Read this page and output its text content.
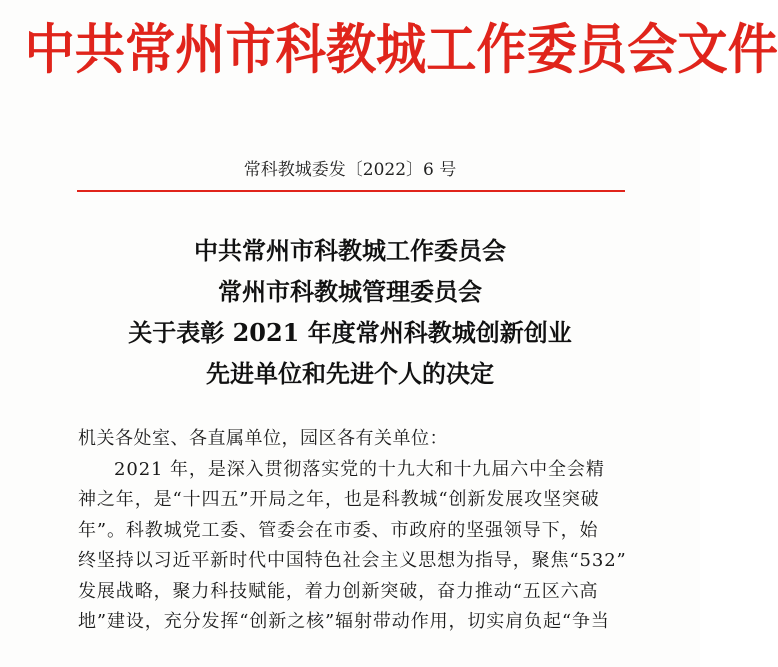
中共常州市科教城工作委员会文件
常科教城委发〔2022〕6 号
中共常州市科教城工作委员会
常州市科教城管理委员会
关于表彰 2021 年度常州科教城创新创业
先进单位和先进个人的决定
机关各处室、各直属单位，园区各有关单位：
2021 年，是深入贯彻落实党的十九大和十九届六中全会精
神之年，是“十四五”开局之年，也是科教城“创新发展攻坚突破
年”。科教城党工委、管委会在市委、市政府的坚强领导下，始
终坚持以习近平新时代中国特色社会主义思想为指导，聚焦“532”
发展战略，聚力科技赋能，着力创新突破，奋力推动“五区六高
地”建设，充分发挥“创新之核”辐射带动作用，切实肩负起“争当
